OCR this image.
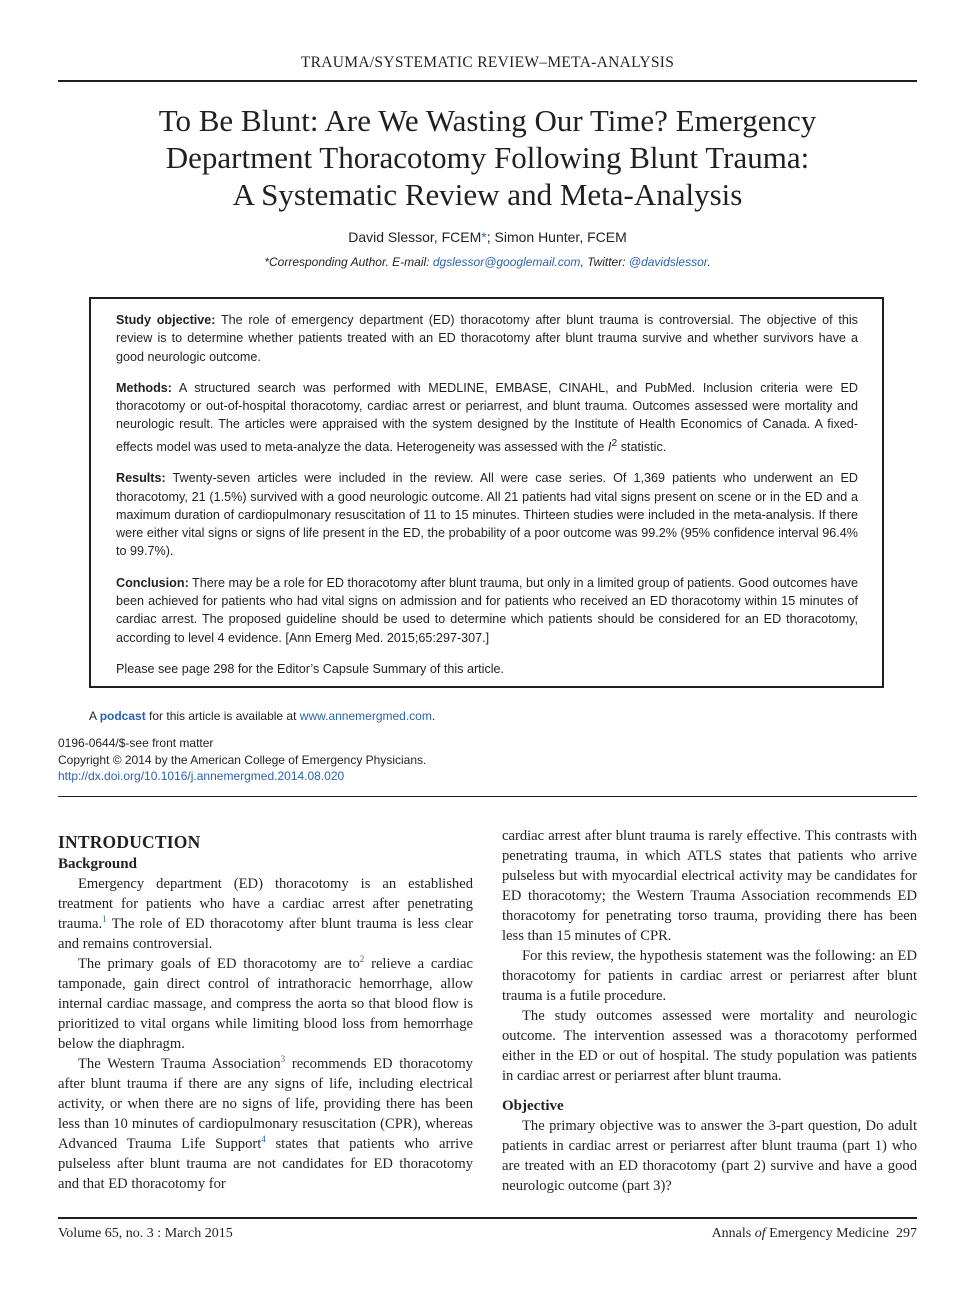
TRAUMA/SYSTEMATIC REVIEW–META-ANALYSIS
To Be Blunt: Are We Wasting Our Time? Emergency
Department Thoracotomy Following Blunt Trauma:
A Systematic Review and Meta-Analysis
David Slessor, FCEM*; Simon Hunter, FCEM
*Corresponding Author. E-mail: dgslessor@googlemail.com, Twitter: @davidslessor.

Study objective: The role of emergency department (ED) thoracotomy after blunt trauma is controversial. The objective of this review is to determine whether patients treated with an ED thoracotomy after blunt trauma survive and whether survivors have a good neurologic outcome.

Methods: A structured search was performed with MEDLINE, EMBASE, CINAHL, and PubMed. Inclusion criteria were ED thoracotomy or out-of-hospital thoracotomy, cardiac arrest or periarrest, and blunt trauma. Outcomes assessed were mortality and neurologic result. The articles were appraised with the system designed by the Institute of Health Economics of Canada. A fixed-effects model was used to meta-analyze the data. Heterogeneity was assessed with the $I^2$ statistic.

Results: Twenty-seven articles were included in the review. All were case series. Of 1,369 patients who underwent an ED thoracotomy, 21 (1.5%) survived with a good neurologic outcome. All 21 patients had vital signs present on scene or in the ED and a maximum duration of cardiopulmonary resuscitation of 11 to 15 minutes. Thirteen studies were included in the meta-analysis. If there were either vital signs or signs of life present in the ED, the probability of a poor outcome was 99.2% (95% confidence interval 96.4% to 99.7%).

Conclusion: There may be a role for ED thoracotomy after blunt trauma, but only in a limited group of patients. Good outcomes have been achieved for patients who had vital signs on admission and for patients who received an ED thoracotomy within 15 minutes of cardiac arrest. The proposed guideline should be used to determine which patients should be considered for an ED thoracotomy, according to level 4 evidence. [Ann Emerg Med. 2015;65:297-307.]

Please see page 298 for the Editor’s Capsule Summary of this article.

A podcast for this article is available at www.annemergmed.com.
0196-0644/$-see front matter
Copyright © 2014 by the American College of Emergency Physicians.
http://dx.doi.org/10.1016/j.annemergmed.2014.08.020
INTRODUCTION
Background

Emergency department (ED) thoracotomy is an established treatment for patients who have a cardiac arrest after penetrating trauma.$^1$ The role of ED thoracotomy after blunt trauma is less clear and remains controversial.

The primary goals of ED thoracotomy are to$^2$ relieve a cardiac tamponade, gain direct control of intrathoracic hemorrhage, allow internal cardiac massage, and compress the aorta so that blood flow is prioritized to vital organs while limiting blood loss from hemorrhage below the diaphragm.

The Western Trauma Association$^3$ recommends ED thoracotomy after blunt trauma if there are any signs of life, including electrical activity, or when there are no signs of life, providing there has been less than 10 minutes of cardiopulmonary resuscitation (CPR), whereas Advanced Trauma Life Support$^4$ states that patients who arrive pulseless after blunt trauma are not candidates for ED thoracotomy and that ED thoracotomy for

cardiac arrest after blunt trauma is rarely effective. This contrasts with penetrating trauma, in which ATLS states that patients who arrive pulseless but with myocardial electrical activity may be candidates for ED thoracotomy; the Western Trauma Association recommends ED thoracotomy for penetrating torso trauma, providing there has been less than 15 minutes of CPR.

For this review, the hypothesis statement was the following: an ED thoracotomy for patients in cardiac arrest or periarrest after blunt trauma is a futile procedure.

The study outcomes assessed were mortality and neurologic outcome. The intervention assessed was a thoracotomy performed either in the ED or out of hospital. The study population was patients in cardiac arrest or periarrest after blunt trauma.

Objective

The primary objective was to answer the 3-part question, Do adult patients in cardiac arrest or periarrest after blunt trauma (part 1) who are treated with an ED thoracotomy (part 2) survive and have a good neurologic outcome (part 3)?

Volume 65, no. 3 : March 2015	Annals of Emergency Medicine 297
